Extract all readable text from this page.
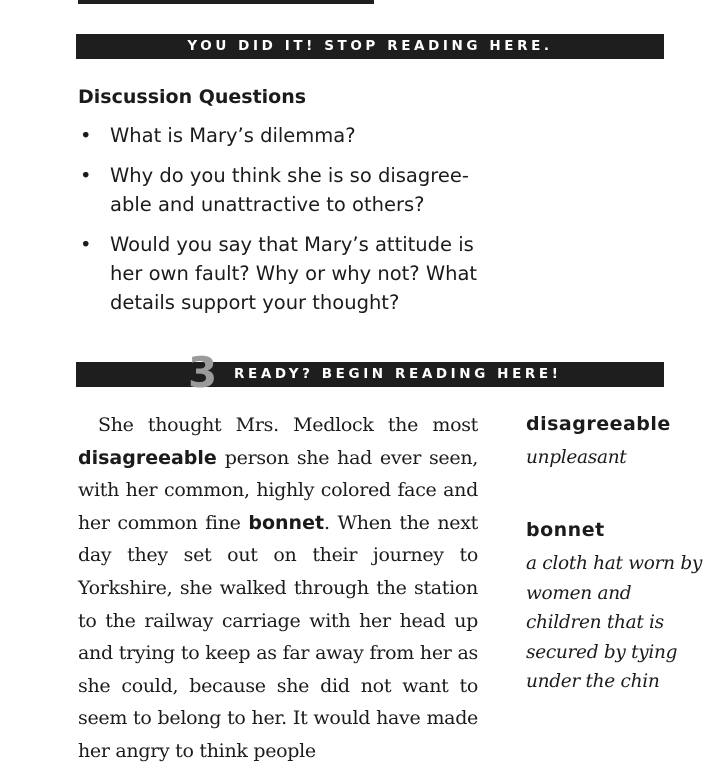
YOU DID IT! STOP READING HERE.
Discussion Questions
• What is Mary’s dilemma?
• Why do you think she is so disagree-able and unattractive to others?
• Would you say that Mary’s attitude is her own fault? Why or why not? What details support your thought?
READY? BEGIN READING HERE!
3

She thought Mrs. Medlock the most disagreeable person she had ever seen, with her common, highly colored face and her common fine bonnet. When the next day they set out on their journey to Yorkshire, she walked through the station to the railway carriage with her head up and trying to keep as far away from her as she could, because she did not want to seem to belong to her. It would have made her angry to think people

disagreeable

unpleasant

bonnet

a cloth hat worn by women and children that is secured by tying under the chin
